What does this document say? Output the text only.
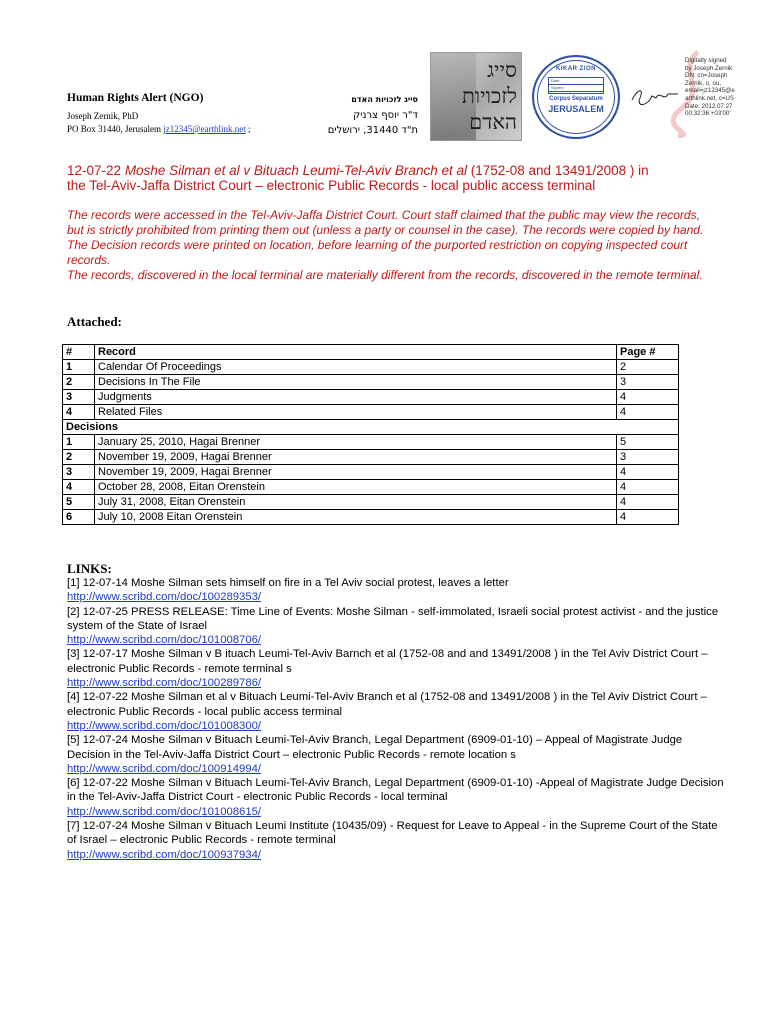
Human Rights Alert (NGO)
Joseph Zernik, PhD
PO Box 31440, Jerusalem jz12345@earthlink.net ;
סייג לזכויות האדם
ד"ר יוסף צרניק
ת"ד 31440, ירושלים
סייג לזכויות האדם
KIKAR ZION
Date
Signed
Corpus Separatum
JERUSALEM
Digitally signed
by Joseph Zernik
DN: cn=Joseph
Zernik, o, ou,
email=jz12345@e
arthlink.net, c=US
Date: 2012.07.27
00:32:36 +03'00'
12-07-22 Moshe Silman et al v Bituach Leumi-Tel-Aviv Branch et al (1752-08 and 13491/2008 ) in
the Tel-Aviv-Jaffa District Court – electronic Public Records - local public access terminal
The records were accessed in the Tel-Aviv-Jaffa District Court. Court staff claimed that the public may view the records, but is strictly prohibited from printing them out (unless a party or counsel in the case). The records were copied by hand. The Decision records were printed on location, before learning of the purported restriction on copying inspected court records.
The records, discovered in the local terminal are materially different from the records, discovered in the remote terminal.
Attached:
#	Record	Page #
1	Calendar Of Proceedings	2
2	Decisions In The File	3
3	Judgments	4
4	Related Files	4
Decisions		
1	January 25, 2010, Hagai Brenner	5
2	November 19, 2009, Hagai Brenner	3
3	November 19, 2009, Hagai Brenner	4
4	October 28, 2008, Eitan Orenstein	4
5	July 31, 2008, Eitan Orenstein	4
6	July 10, 2008 Eitan Orenstein	4
LINKS:
[1] 12-07-14 Moshe Silman sets himself on fire in a Tel Aviv social protest, leaves a letter
http://www.scribd.com/doc/100289353/
[2] 12-07-25 PRESS RELEASE: Time Line of Events: Moshe Silman - self-immolated, Israeli social protest activist - and the justice system of the State of Israel
http://www.scribd.com/doc/101008706/
[3] 12-07-17 Moshe Silman v B ituach Leumi-Tel-Aviv Barnch et al (1752-08 and and 13491/2008 ) in the Tel Aviv District Court – electronic Public Records - remote terminal s
http://www.scribd.com/doc/100289786/
[4] 12-07-22 Moshe Silman et al v Bituach Leumi-Tel-Aviv Branch et al (1752-08 and 13491/2008 ) in the Tel Aviv District Court – electronic Public Records - local public access terminal
http://www.scribd.com/doc/101008300/
[5] 12-07-24 Moshe Silman v Bituach Leumi-Tel-Aviv Branch, Legal Department (6909-01-10) – Appeal of Magistrate Judge Decision in the Tel-Aviv-Jaffa District Court – electronic Public Records - remote location s
http://www.scribd.com/doc/100914994/
[6] 12-07-22 Moshe Silman v Bituach Leumi-Tel-Aviv Branch, Legal Department (6909-01-10) -Appeal of Magistrate Judge Decision in the Tel-Aviv-Jaffa District Court - electronic Public Records - local terminal
http://www.scribd.com/doc/101008615/
[7] 12-07-24 Moshe Silman v Bituach Leumi Institute (10435/09) - Request for Leave to Appeal - in the Supreme Court of the State of Israel – electronic Public Records - remote terminal
http://www.scribd.com/doc/100937934/
